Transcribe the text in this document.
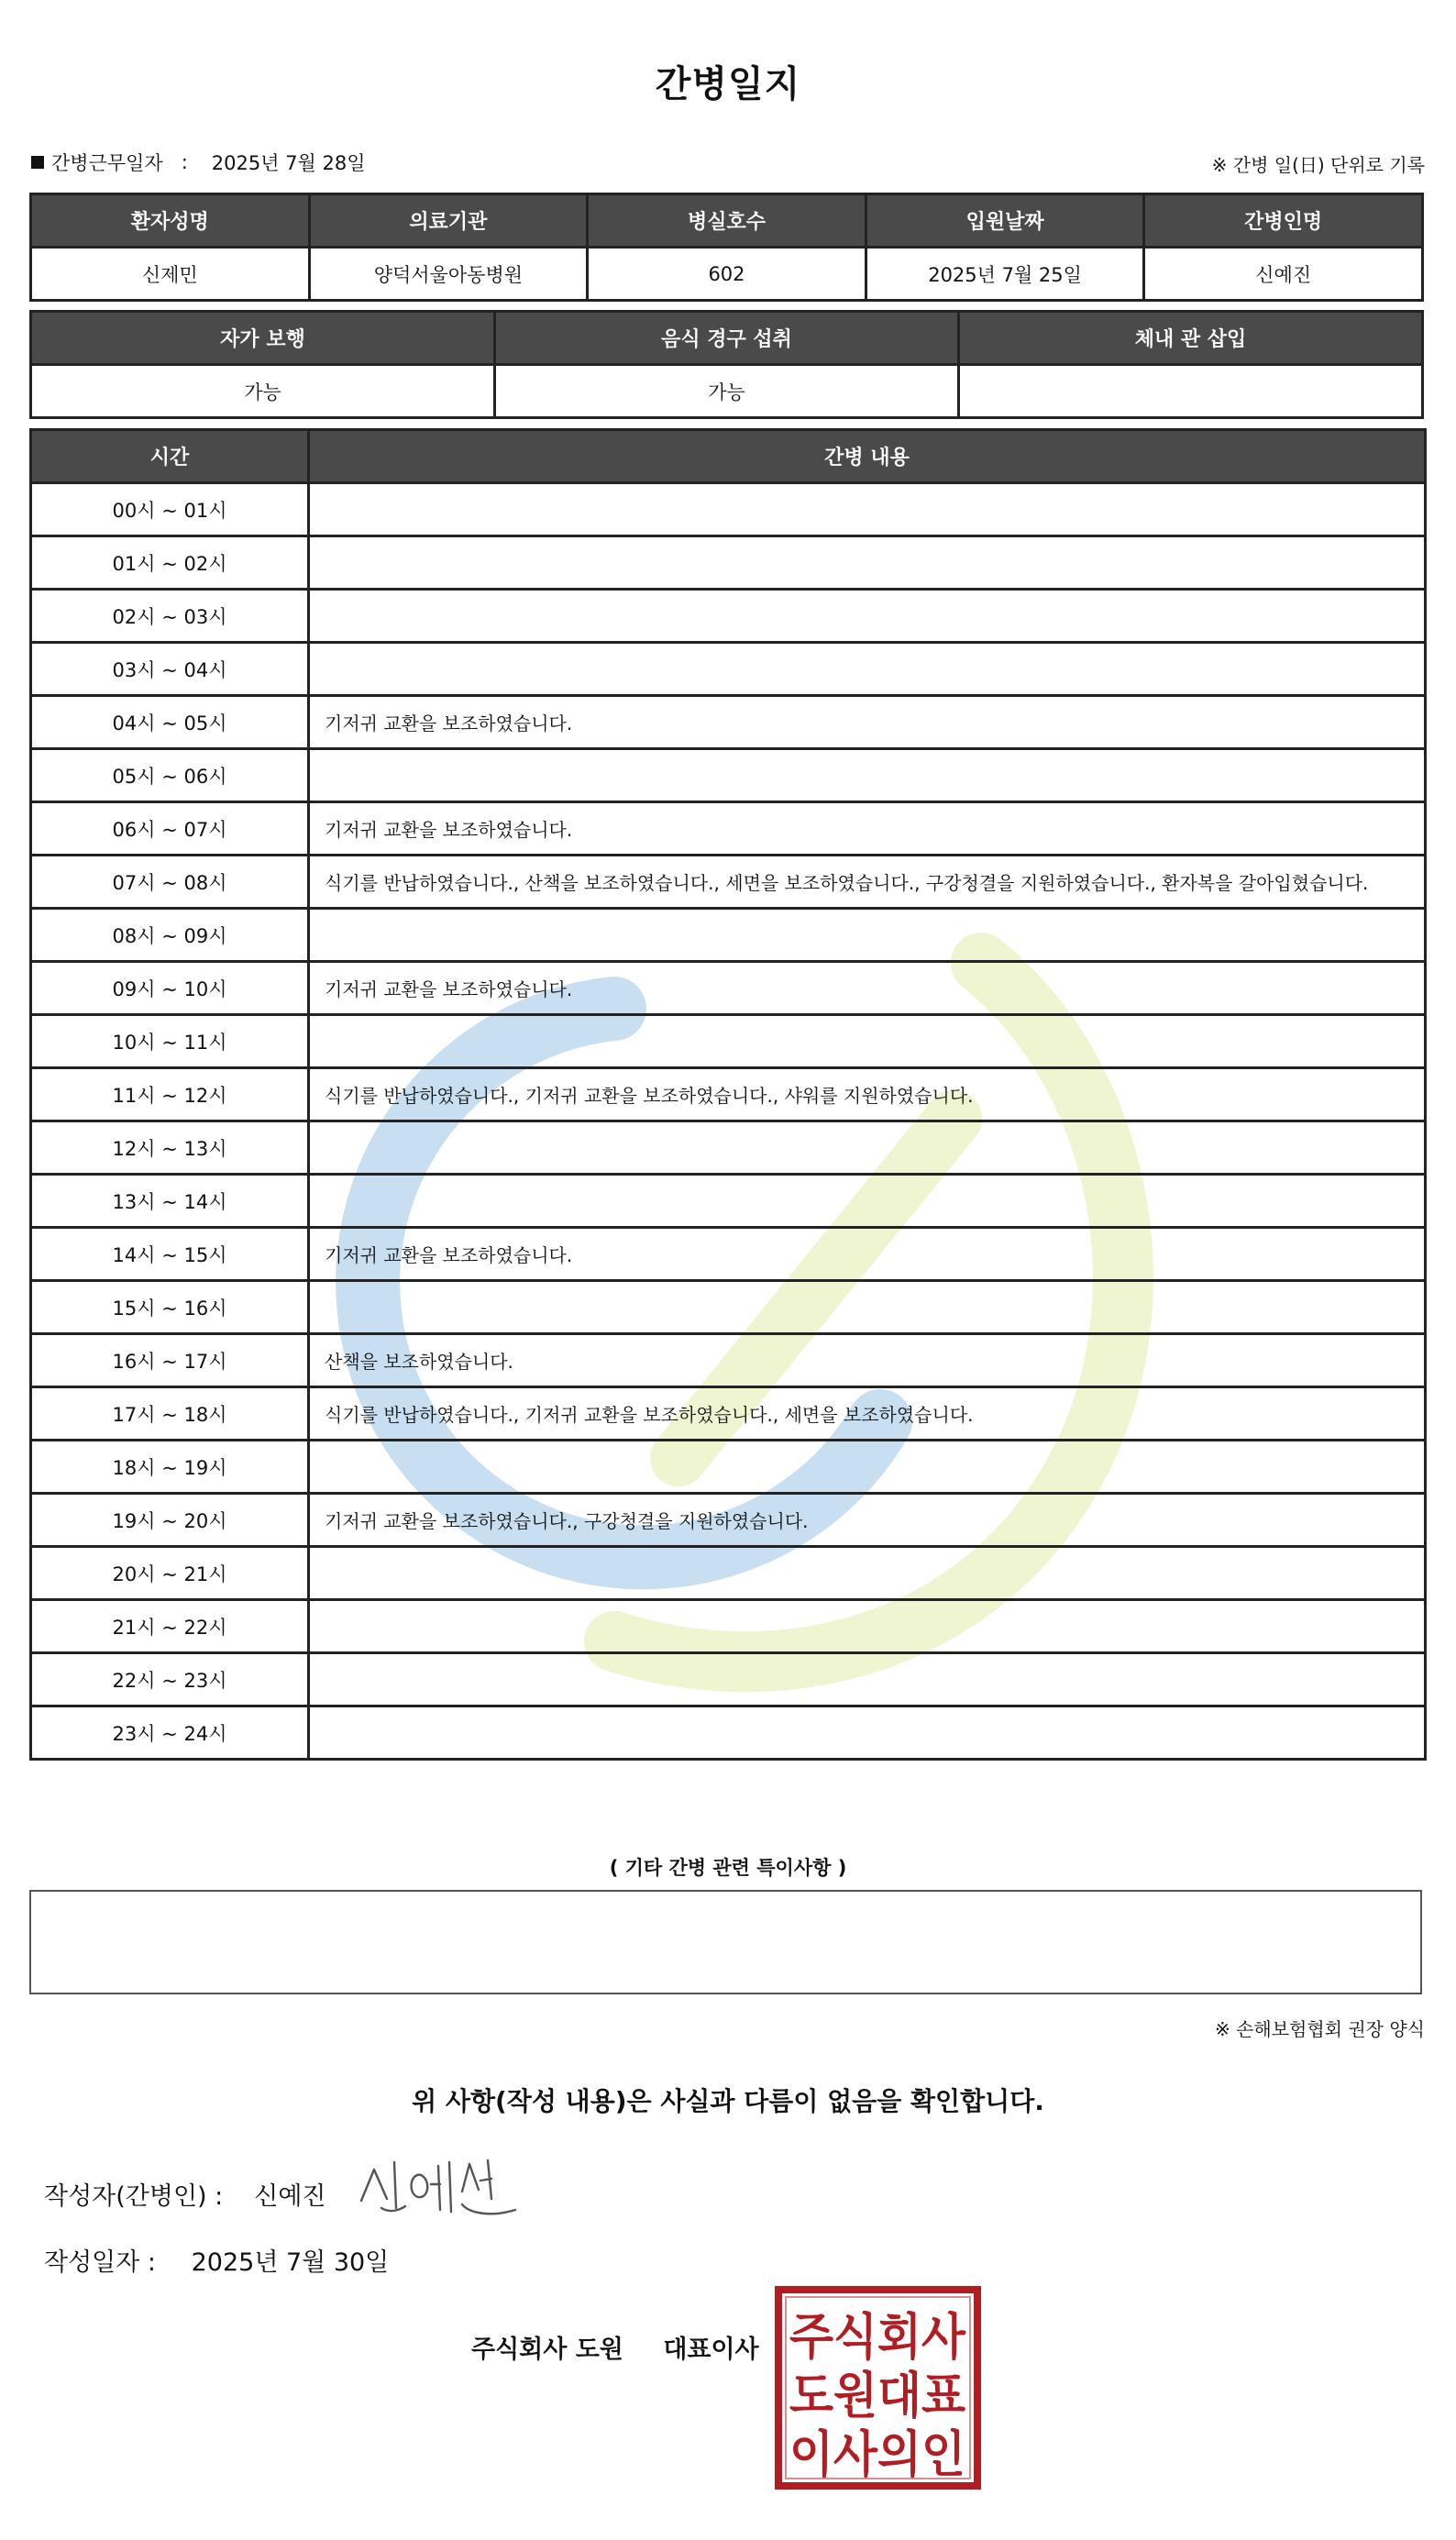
간병일지
간병근무일자 : 2025년 7월 28일	※ 간병 일(日) 단위로 기록
환자성명	의료기관	병실호수	입원날짜	간병인명
신제민	양덕서울아동병원	602	2025년 7월 25일	신예진
자가 보행	음식 경구 섭취	체내 관 삽입
가능	가능	
시간	간병 내용
00시 ~ 01시	
01시 ~ 02시	
02시 ~ 03시	
03시 ~ 04시	
04시 ~ 05시	기저귀 교환을 보조하였습니다.
05시 ~ 06시	
06시 ~ 07시	기저귀 교환을 보조하였습니다.
07시 ~ 08시	식기를 반납하였습니다., 산책을 보조하였습니다., 세면을 보조하였습니다., 구강청결을 지원하였습니다., 환자복을 갈아입혔습니다.
08시 ~ 09시	
09시 ~ 10시	기저귀 교환을 보조하였습니다.
10시 ~ 11시	
11시 ~ 12시	식기를 반납하였습니다., 기저귀 교환을 보조하였습니다., 샤워를 지원하였습니다.
12시 ~ 13시	
13시 ~ 14시	
14시 ~ 15시	기저귀 교환을 보조하였습니다.
15시 ~ 16시	
16시 ~ 17시	산책을 보조하였습니다.
17시 ~ 18시	식기를 반납하였습니다., 기저귀 교환을 보조하였습니다., 세면을 보조하였습니다.
18시 ~ 19시	
19시 ~ 20시	기저귀 교환을 보조하였습니다., 구강청결을 지원하였습니다.
20시 ~ 21시	
21시 ~ 22시	
22시 ~ 23시	
23시 ~ 24시	
( 기타 간병 관련 특이사항 )
※ 손해보험협회 권장 양식
위 사항(작성 내용)은 사실과 다름이 없음을 확인합니다.
작성자(간병인) : 신예진
작성일자 : 2025년 7월 30일
주식회사 도원 대표이사 주식회사
도원대표
이사의인
